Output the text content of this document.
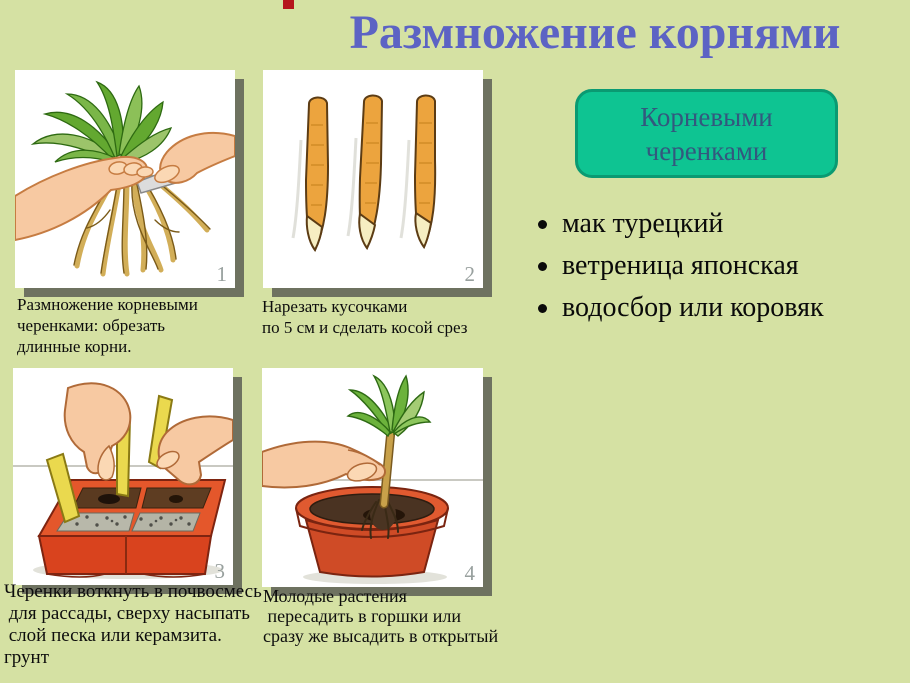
Размножение корнями
1	2
3	4
Размножение корневыми
черенками: обрезать
длинные корни.
Нарезать кусочками
по 5 см и сделать косой срез
Черенки воткнуть в почвосмесь
для рассады, сверху насыпать
слой песка или керамзита.
грунт
Молодые растения
пересадить в горшки или
сразу же высадить в открытый
Корневыми черенками
мак турецкий
ветреница японская
водосбор или коровяк
